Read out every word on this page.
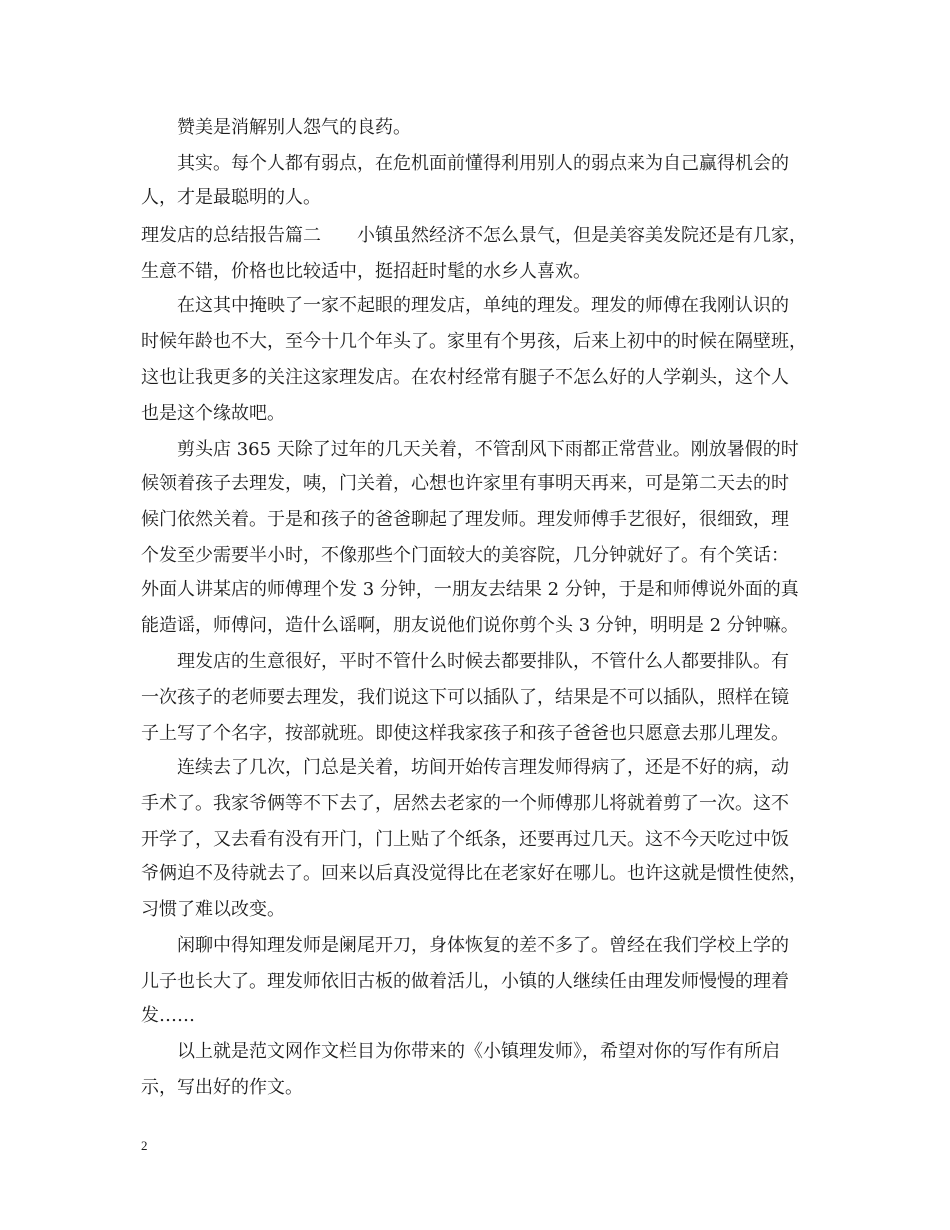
　　赞美是消解别人怨气的良药。
　　其实。每个人都有弱点，在危机面前懂得利用别人的弱点来为自己赢得机会的
人，才是最聪明的人。
理发店的总结报告篇二　　小镇虽然经济不怎么景气，但是美容美发院还是有几家，
生意不错，价格也比较适中，挺招赶时髦的水乡人喜欢。
　　在这其中掩映了一家不起眼的理发店，单纯的理发。理发的师傅在我刚认识的
时候年龄也不大，至今十几个年头了。家里有个男孩，后来上初中的时候在隔壁班，
这也让我更多的关注这家理发店。在农村经常有腿子不怎么好的人学剃头，这个人
也是这个缘故吧。
　　剪头店 365 天除了过年的几天关着，不管刮风下雨都正常营业。刚放暑假的时
候领着孩子去理发，咦，门关着，心想也许家里有事明天再来，可是第二天去的时
候门依然关着。于是和孩子的爸爸聊起了理发师。理发师傅手艺很好，很细致，理
个发至少需要半小时，不像那些个门面较大的美容院，几分钟就好了。有个笑话：
外面人讲某店的师傅理个发 3 分钟，一朋友去结果 2 分钟，于是和师傅说外面的真
能造谣，师傅问，造什么谣啊，朋友说他们说你剪个头 3 分钟，明明是 2 分钟嘛。
　　理发店的生意很好，平时不管什么时候去都要排队，不管什么人都要排队。有
一次孩子的老师要去理发，我们说这下可以插队了，结果是不可以插队，照样在镜
子上写了个名字，按部就班。即使这样我家孩子和孩子爸爸也只愿意去那儿理发。
　　连续去了几次，门总是关着，坊间开始传言理发师得病了，还是不好的病，动
手术了。我家爷俩等不下去了，居然去老家的一个师傅那儿将就着剪了一次。这不
开学了，又去看有没有开门，门上贴了个纸条，还要再过几天。这不今天吃过中饭
爷俩迫不及待就去了。回来以后真没觉得比在老家好在哪儿。也许这就是惯性使然，
习惯了难以改变。
　　闲聊中得知理发师是阑尾开刀，身体恢复的差不多了。曾经在我们学校上学的
儿子也长大了。理发师依旧古板的做着活儿，小镇的人继续任由理发师慢慢的理着
发……
　　以上就是范文网作文栏目为你带来的《小镇理发师》，希望对你的写作有所启
示，写出好的作文。
2
